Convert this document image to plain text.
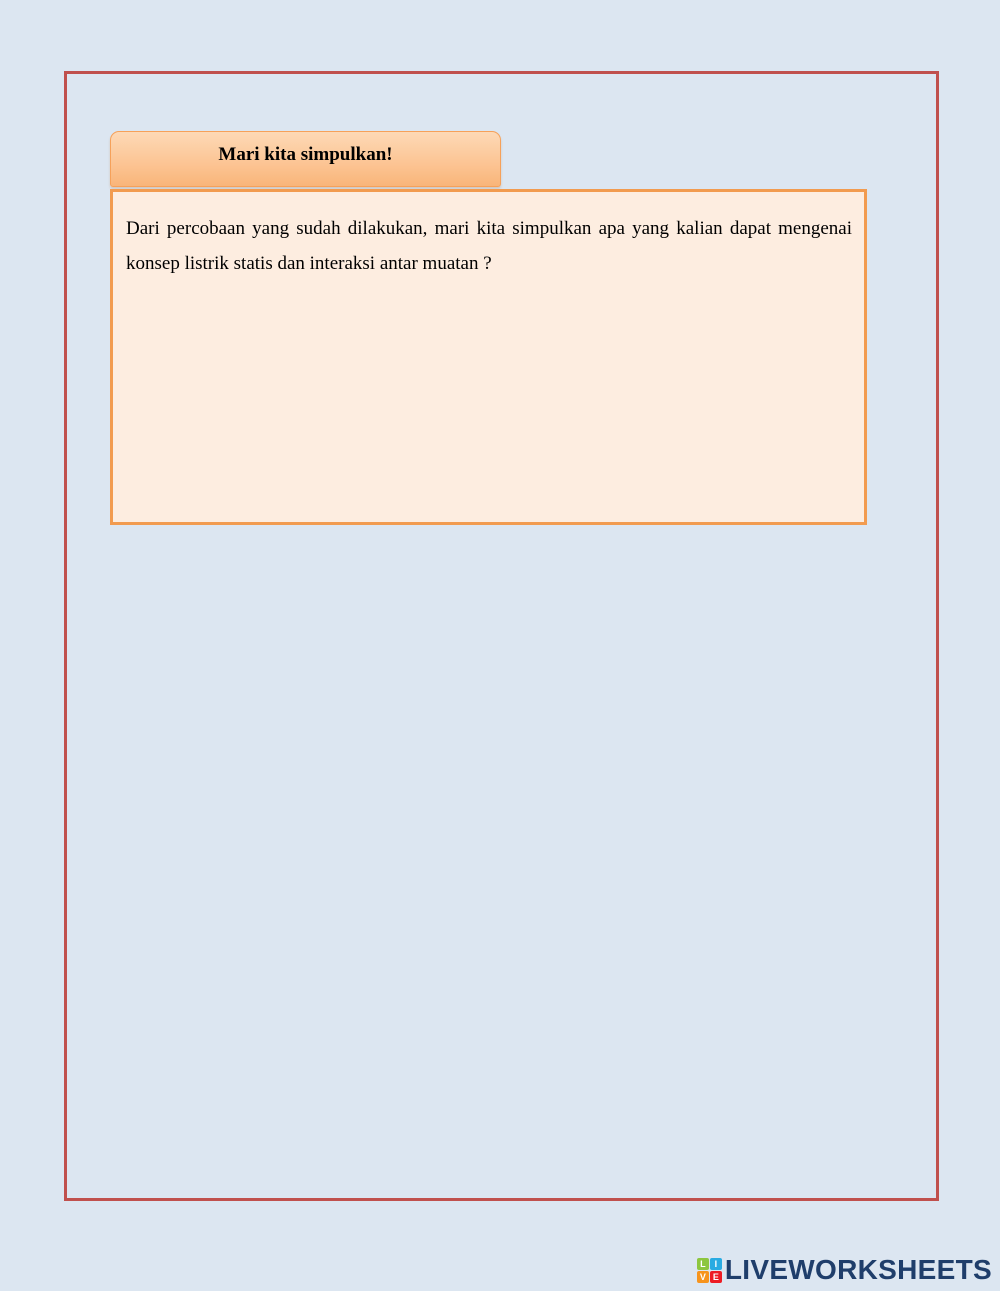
Mari kita simpulkan!

Dari percobaan yang sudah dilakukan, mari kita simpulkan apa yang kalian dapat mengenai konsep listrik statis dan interaksi antar muatan ?

L I
V E LIVEWORKSHEETS
